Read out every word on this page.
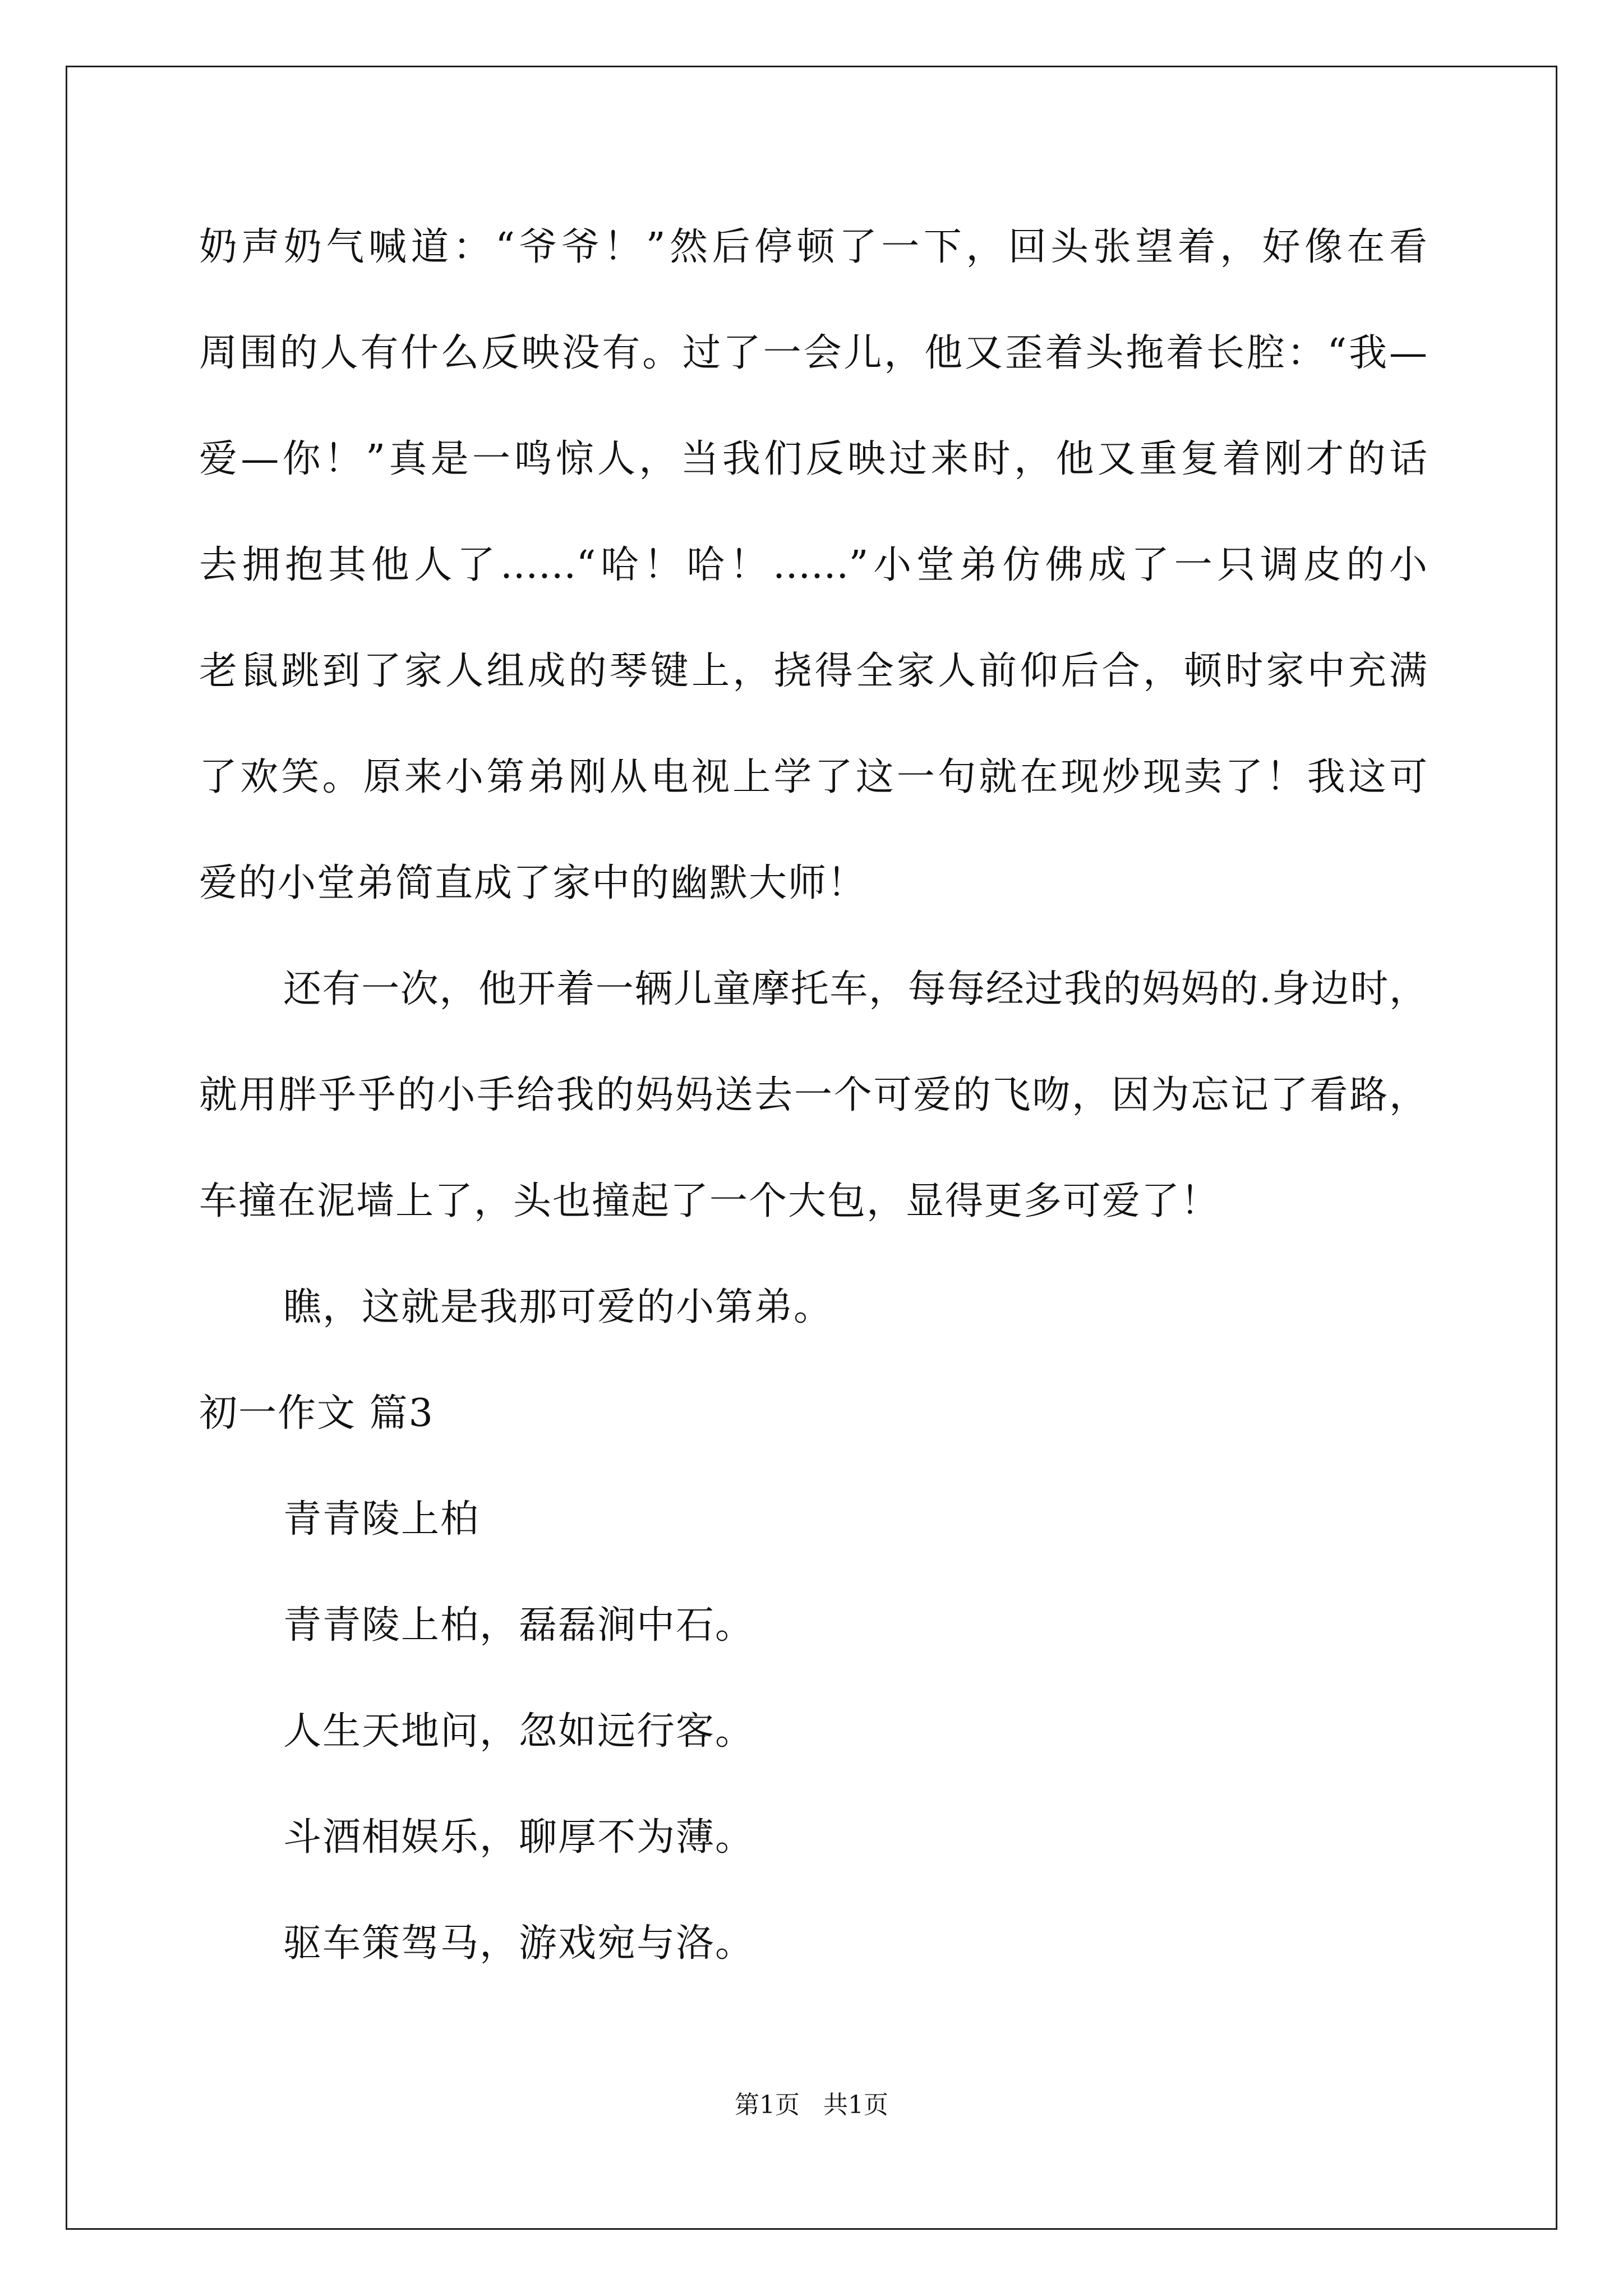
奶声奶气喊道：“爷爷！”然后停顿了一下，回头张望着，好像在看
周围的人有什么反映没有。过了一会儿，他又歪着头拖着长腔：“我—
爱—你！”真是一鸣惊人，当我们反映过来时，他又重复着刚才的话
去拥抱其他人了……“哈！哈！……”小堂弟仿佛成了一只调皮的小
老鼠跳到了家人组成的琴键上，挠得全家人前仰后合，顿时家中充满
了欢笑。原来小第弟刚从电视上学了这一句就在现炒现卖了！我这可
爱的小堂弟简直成了家中的幽默大师！
还有一次，他开着一辆儿童摩托车，每每经过我的妈妈的.身边时，
就用胖乎乎的小手给我的妈妈送去一个可爱的飞吻，因为忘记了看路，
车撞在泥墙上了，头也撞起了一个大包，显得更多可爱了！
瞧，这就是我那可爱的小第弟。
初一作文 篇3
青青陵上柏
青青陵上柏，磊磊涧中石。
人生天地问，忽如远行客。
斗酒相娱乐，聊厚不为薄。
驱车策驾马，游戏宛与洛。
第1页   共1页
